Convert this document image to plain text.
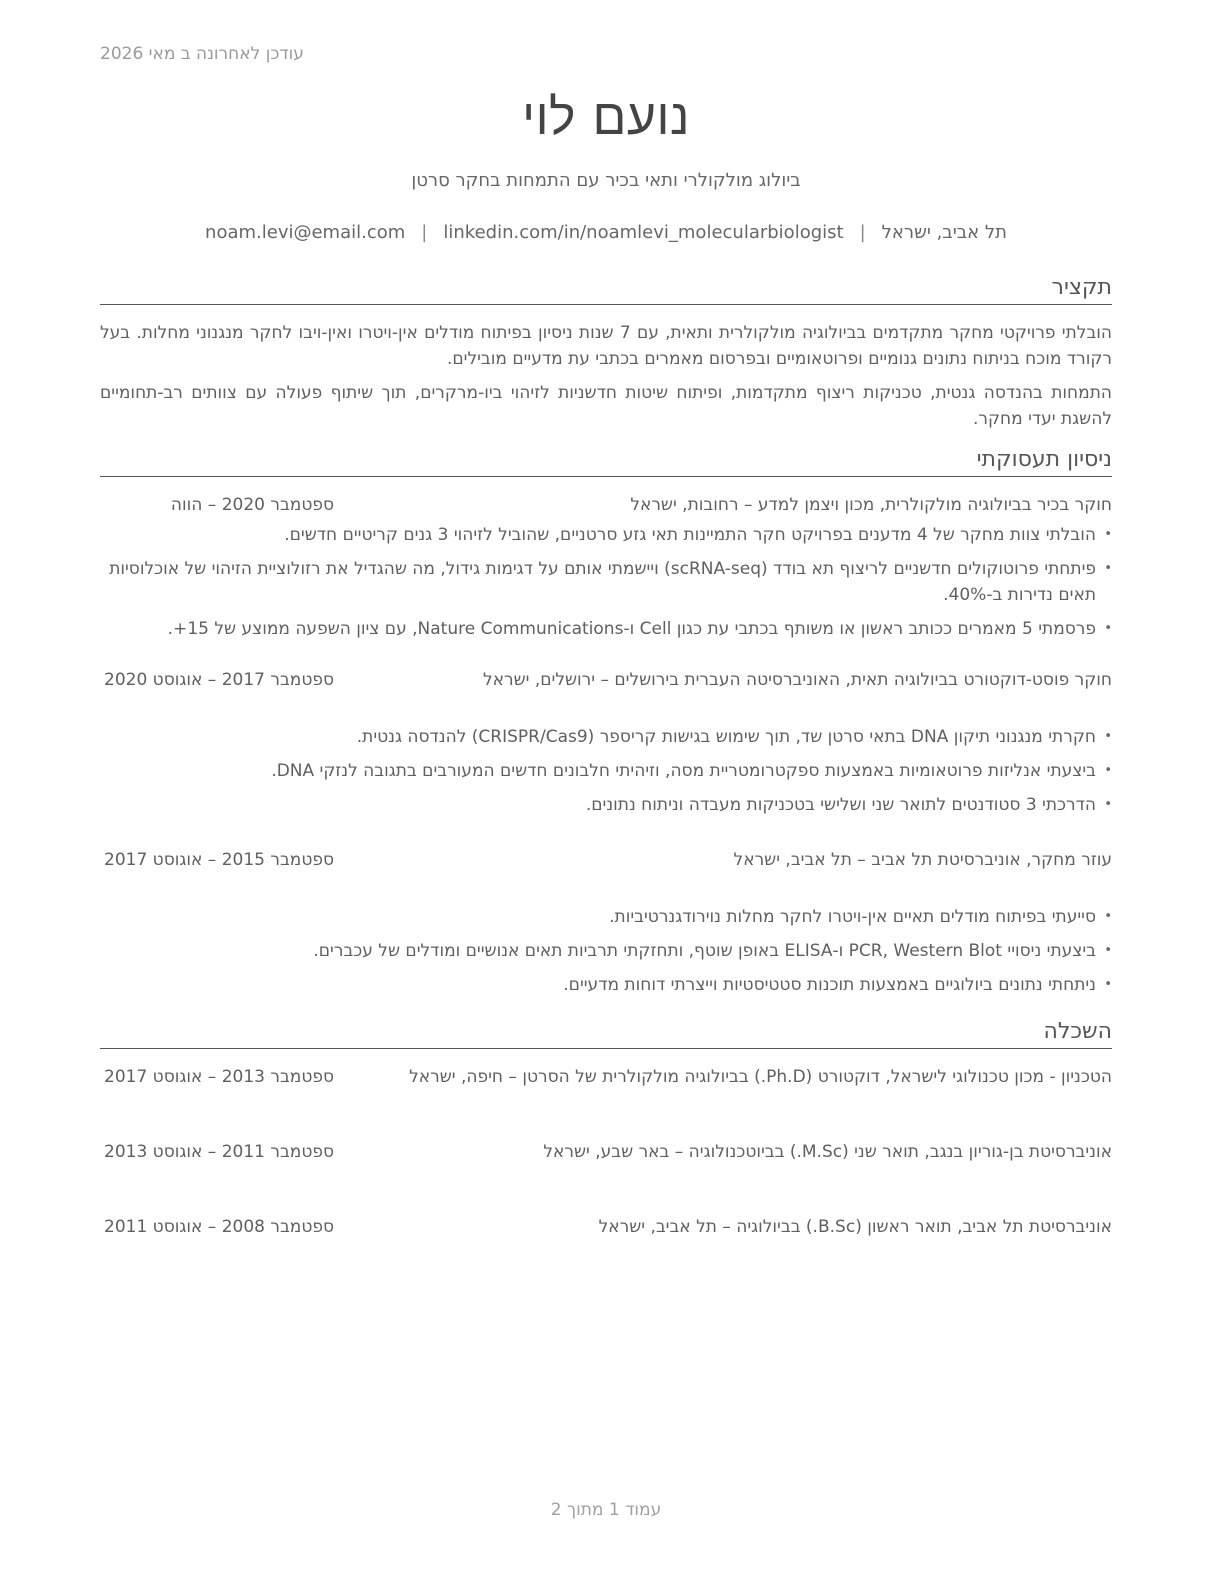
עודכן לאחרונה ב מאי 2026
נועם לוי
ביולוג מולקולרי ותאי בכיר עם התמחות בחקר סרטן
תל אביב, ישראל|noam.levi@email.com | linkedin.com/in/noamlevi_molecularbiologist
תקציר
הובלתי פרויקטי מחקר מתקדמים בביולוגיה מולקולרית ותאית, עם 7 שנות ניסיון בפיתוח מודלים אין-ויטרו ואין-ויבו לחקר מנגנוני מחלות. בעל רקורד מוכח בניתוח נתונים גנומיים ופרוטאומיים ובפרסום מאמרים בכתבי עת מדעיים מובילים.
התמחות בהנדסה גנטית, טכניקות ריצוף מתקדמות, ופיתוח שיטות חדשניות לזיהוי ביו-מרקרים, תוך שיתוף פעולה עם צוותים רב-תחומיים להשגת יעדי מחקר.
ניסיון תעסוקתי
חוקר בכיר בביולוגיה מולקולרית, מכון ויצמן למדע – רחובות, ישראל
ספטמבר 2020 – הווה
• הובלתי צוות מחקר של 4 מדענים בפרויקט חקר התמיינות תאי גזע סרטניים, שהוביל לזיהוי 3 גנים קריטיים חדשים.
• פיתחתי פרוטוקולים חדשניים לריצוף תא בודד (scRNA-seq) ויישמתי אותם על דגימות גידול, מה שהגדיל את רזולוציית הזיהוי של אוכלוסיות תאים נדירות ב-40%.
• פרסמתי 5 מאמרים ככותב ראשון או משותף בכתבי עת כגון Cell ו-Nature Communications, עם ציון השפעה ממוצע של 15+.
חוקר פוסט-דוקטורט בביולוגיה תאית, האוניברסיטה העברית בירושלים – ירושלים, ישראל
ספטמבר 2017 – אוגוסט 2020
• חקרתי מנגנוני תיקון DNA בתאי סרטן שד, תוך שימוש בגישות קריספר (CRISPR/Cas9) להנדסה גנטית.
• ביצעתי אנליזות פרוטאומיות באמצעות ספקטרומטריית מסה, וזיהיתי חלבונים חדשים המעורבים בתגובה לנזקי DNA.
• הדרכתי 3 סטודנטים לתואר שני ושלישי בטכניקות מעבדה וניתוח נתונים.
עוזר מחקר, אוניברסיטת תל אביב – תל אביב, ישראל
ספטמבר 2015 – אוגוסט 2017
• סייעתי בפיתוח מודלים תאיים אין-ויטרו לחקר מחלות נוירודגנרטיביות.
• ביצעתי ניסויי PCR, Western Blot ו-ELISA באופן שוטף, ותחזקתי תרביות תאים אנושיים ומודלים של עכברים.
• ניתחתי נתונים ביולוגיים באמצעות תוכנות סטטיסטיות וייצרתי דוחות מדעיים.
השכלה
הטכניון - מכון טכנולוגי לישראל, דוקטורט (Ph.D.) בביולוגיה מולקולרית של הסרטן – חיפה, ישראל
ספטמבר 2013 – אוגוסט 2017
אוניברסיטת בן-גוריון בנגב, תואר שני (M.Sc.) בביוטכנולוגיה – באר שבע, ישראל
ספטמבר 2011 – אוגוסט 2013
אוניברסיטת תל אביב, תואר ראשון (B.Sc.) בביולוגיה – תל אביב, ישראל
ספטמבר 2008 – אוגוסט 2011
עמוד 1 מתוך 2
